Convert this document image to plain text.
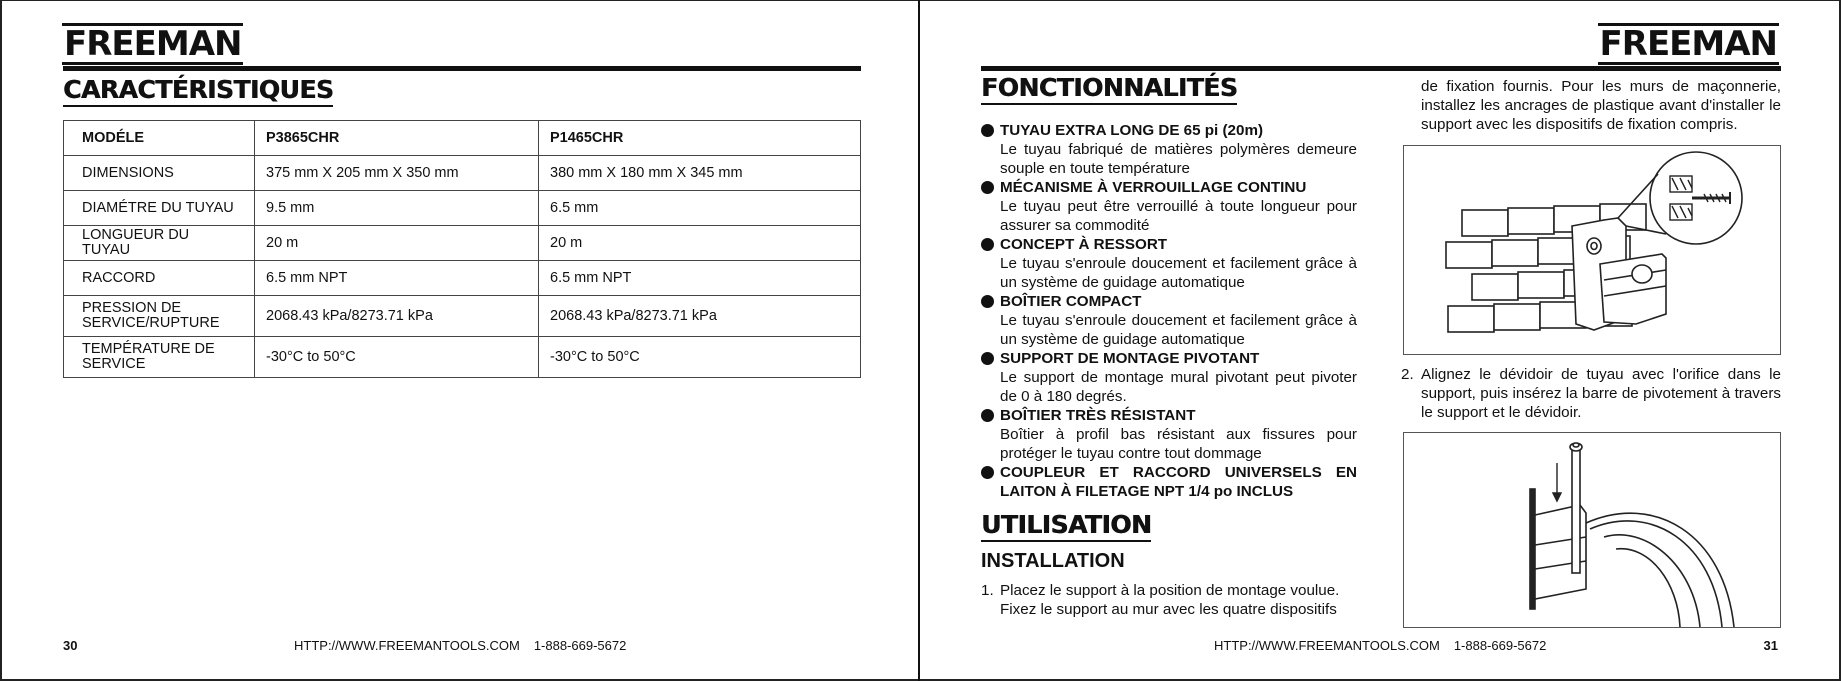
FREEMAN
CARACTÉRISTIQUES
MODÉLE	P3865CHR	P1465CHR
DIMENSIONS	375 mm X 205 mm X 350 mm	380 mm X 180 mm X 345 mm
DIAMÉTRE DU TUYAU	9.5 mm	6.5 mm
LONGUEUR DU TUYAU	20 m	20 m
RACCORD	6.5 mm NPT	6.5 mm NPT
PRESSION DE SERVICE/RUPTURE	2068.43 kPa/8273.71 kPa	2068.43 kPa/8273.71 kPa
TEMPÉRATURE DE SERVICE	-30°C to 50°C	-30°C to 50°C
30	HTTP://WWW.FREEMANTOOLS.COM 1-888-669-5672
FREEMAN
FONCTIONNALITÉS
TUYAU EXTRA LONG DE 65 pi (20m)
Le tuyau fabriqué de matières polymères demeure souple en toute température
MÉCANISME À VERROUILLAGE CONTINU
Le tuyau peut être verrouillé à toute longueur pour assurer sa commodité
CONCEPT À RESSORT
Le tuyau s'enroule doucement et facilement grâce à un système de guidage automatique
BOÎTIER COMPACT
Le tuyau s'enroule doucement et facilement grâce à un système de guidage automatique
SUPPORT DE MONTAGE PIVOTANT
Le support de montage mural pivotant peut pivoter de 0 à 180 degrés.
BOÎTIER TRÈS RÉSISTANT
Boîtier à profil bas résistant aux fissures pour protéger le tuyau contre tout dommage
COUPLEUR ET RACCORD UNIVERSELS EN LAITON À FILETAGE NPT 1/4 po INCLUS
UTILISATION
INSTALLATION
1. Placez le support à la position de montage voulue. Fixez le support au mur avec les quatre dispositifs
de fixation fournis. Pour les murs de maçonnerie, installez les ancrages de plastique avant d'installer le support avec les dispositifs de fixation compris.
2. Alignez le dévidoir de tuyau avec l'orifice dans le support, puis insérez la barre de pivotement à travers le support et le dévidoir.
31
HTTP://WWW.FREEMANTOOLS.COM 1-888-669-5672
